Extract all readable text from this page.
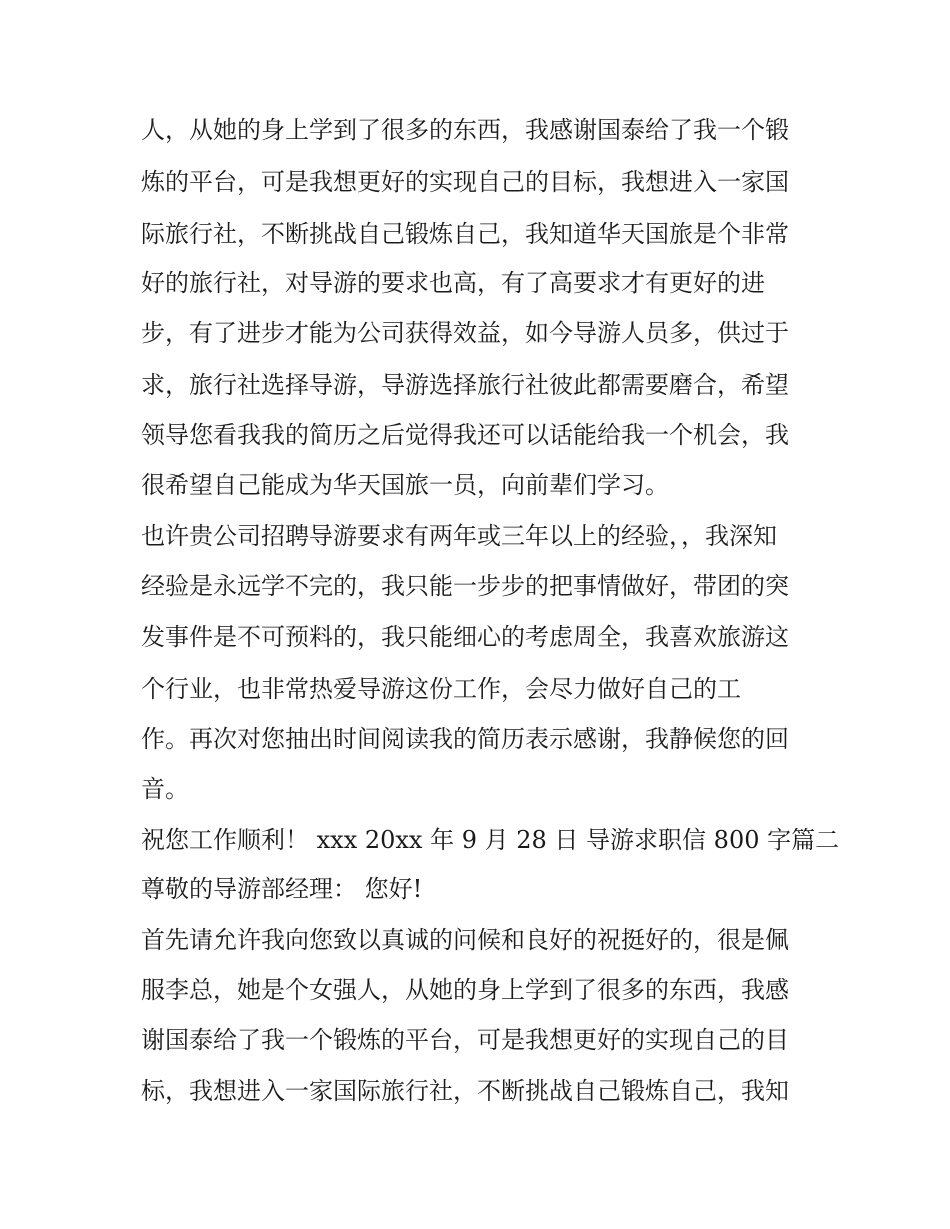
人，从她的身上学到了很多的东西，我感谢国泰给了我一个锻

炼的平台，可是我想更好的实现自己的目标，我想进入一家国

际旅行社，不断挑战自己锻炼自己，我知道华天国旅是个非常

好的旅行社，对导游的要求也高，有了高要求才有更好的进

步，有了进步才能为公司获得效益，如今导游人员多，供过于

求，旅行社选择导游，导游选择旅行社彼此都需要磨合，希望

领导您看我我的简历之后觉得我还可以话能给我一个机会，我

很希望自己能成为华天国旅一员，向前辈们学习。

也许贵公司招聘导游要求有两年或三年以上的经验，，我深知

经验是永远学不完的，我只能一步步的把事情做好，带团的突

发事件是不可预料的，我只能细心的考虑周全，我喜欢旅游这

个行业，也非常热爱导游这份工作，会尽力做好自己的工

作。再次对您抽出时间阅读我的简历表示感谢，我静候您的回

音。

祝您工作顺利！ xxx 20xx 年 9 月 28 日 导游求职信 800 字篇二

尊敬的导游部经理： 您好!

首先请允许我向您致以真诚的问候和良好的祝挺好的，很是佩

服李总，她是个女强人，从她的身上学到了很多的东西，我感

谢国泰给了我一个锻炼的平台，可是我想更好的实现自己的目

标，我想进入一家国际旅行社，不断挑战自己锻炼自己，我知
